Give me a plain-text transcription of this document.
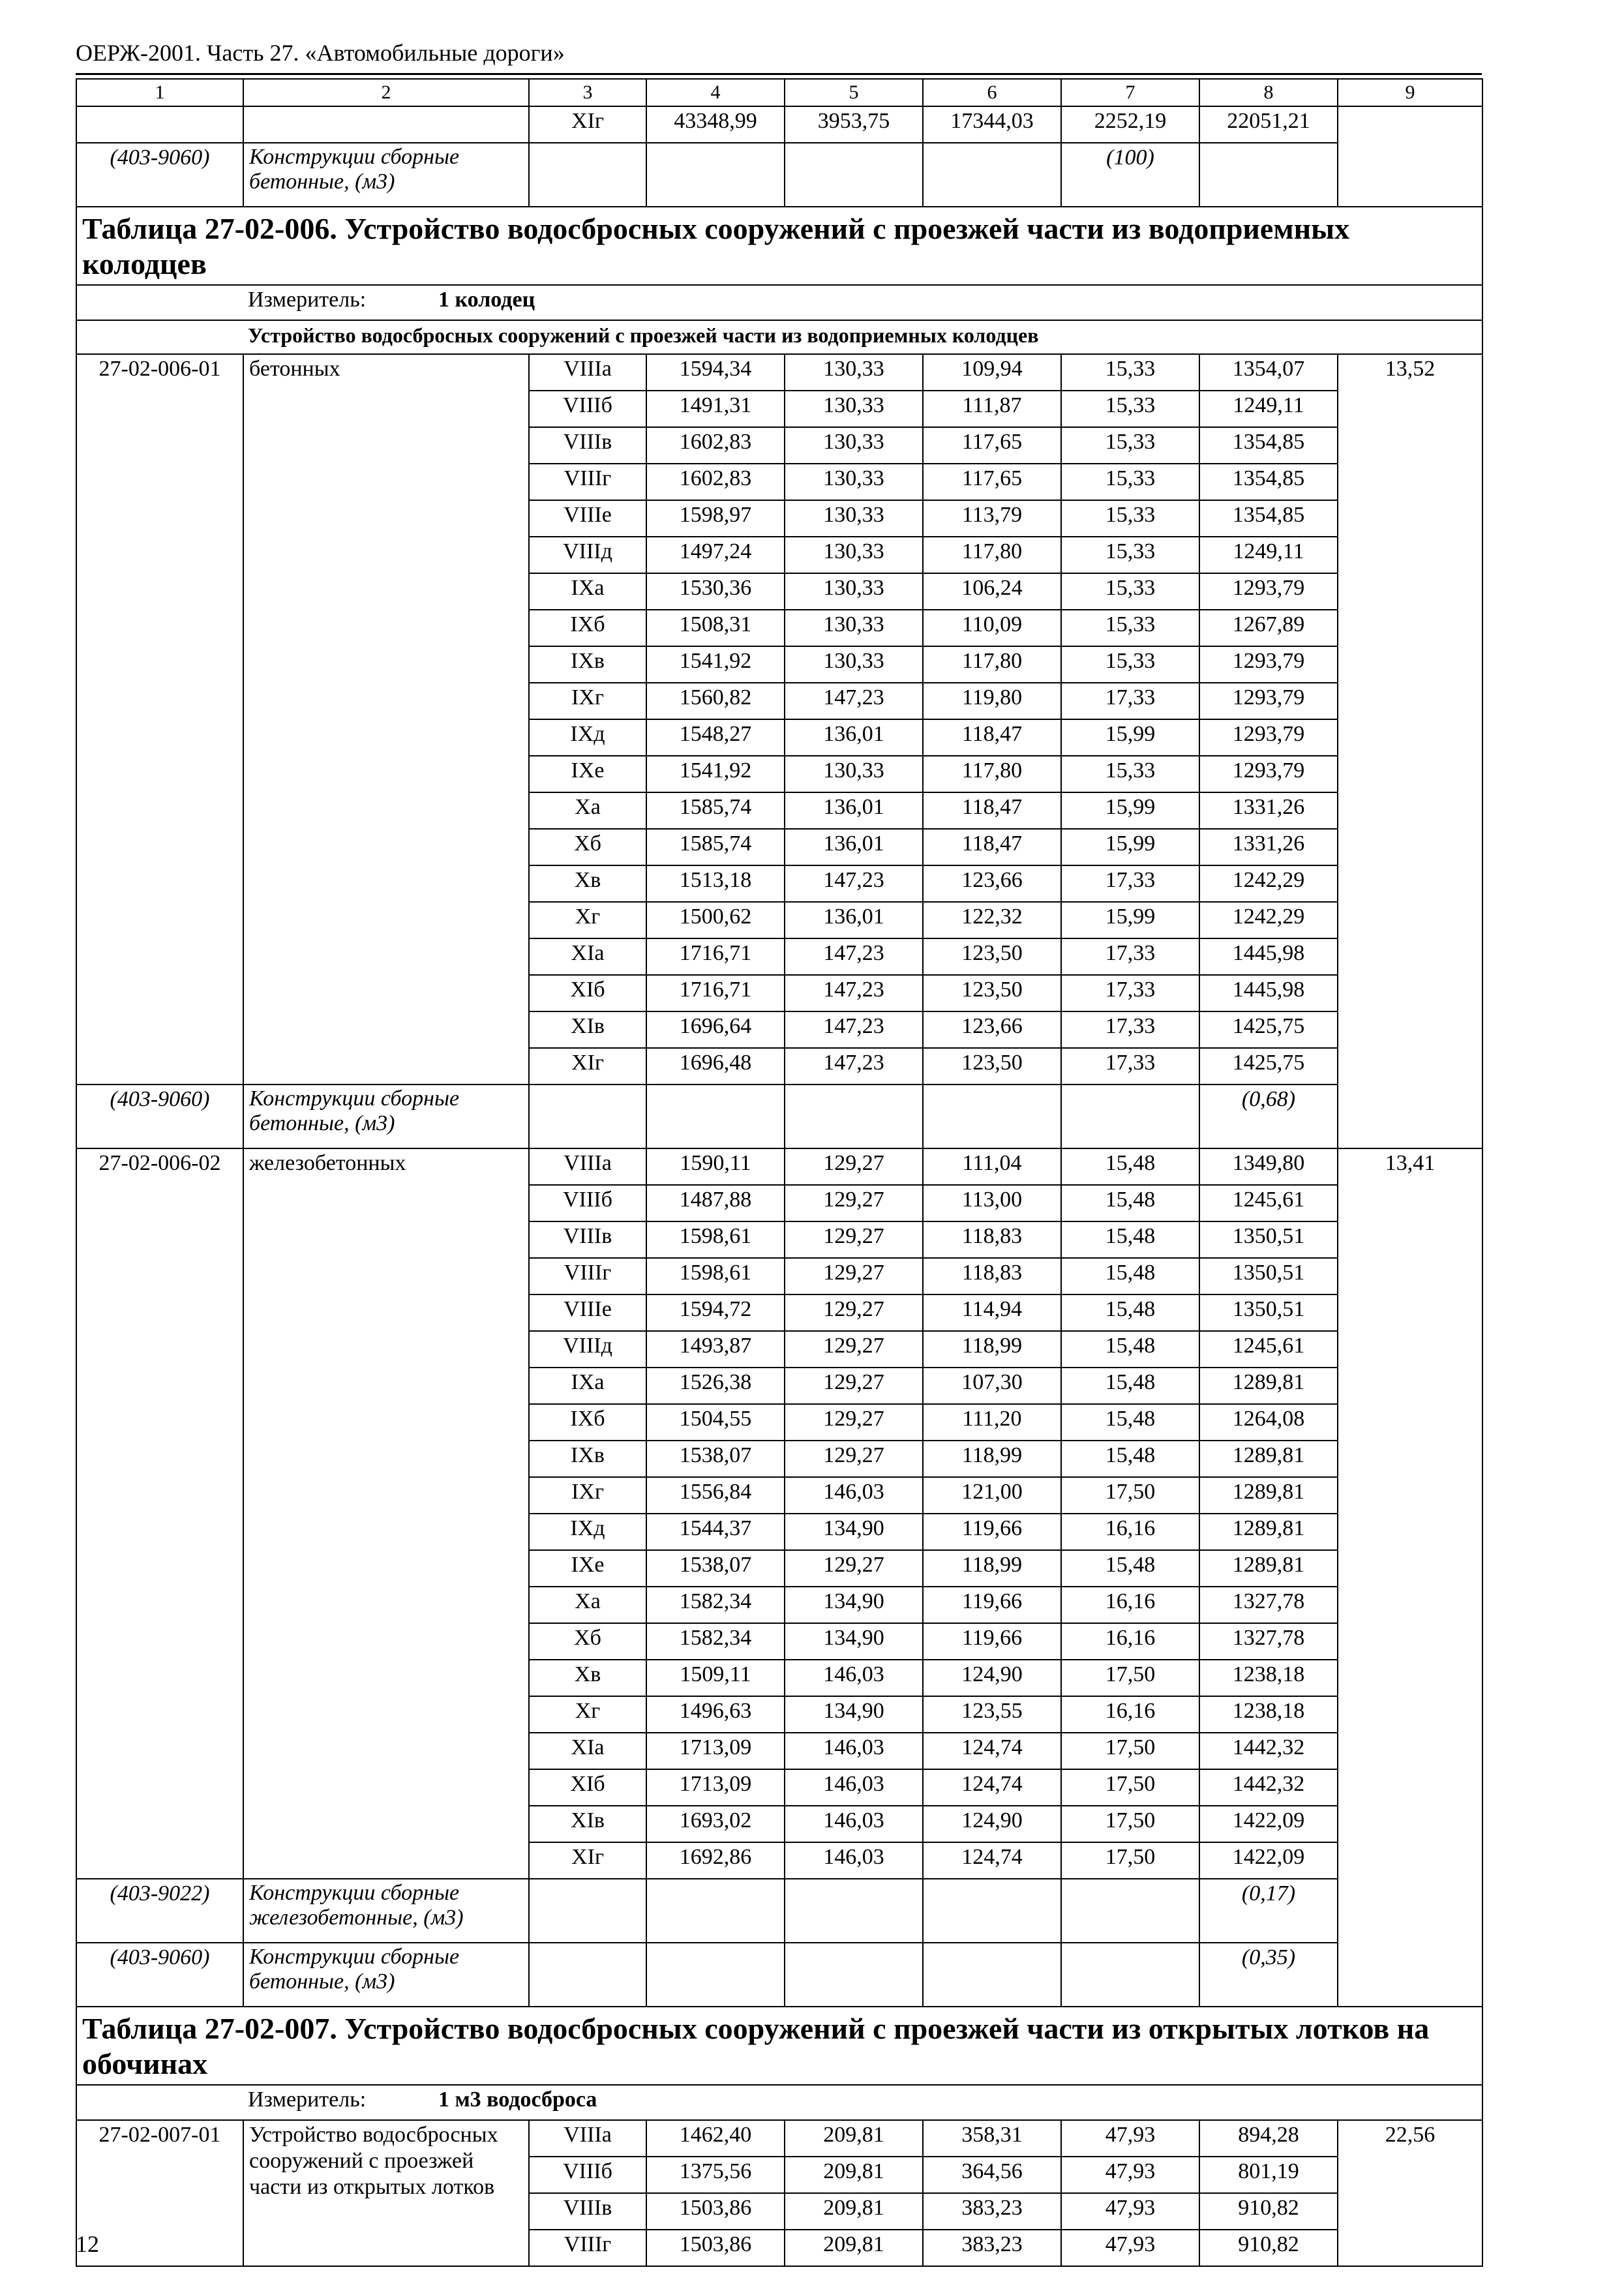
ОЕРЖ-2001. Часть 27. «Автомобильные дороги»
1	2	3	4	5	6	7	8	9
		XIг	43348,99	3953,75	17344,03	2252,19	22051,21	
(403-9060)	Конструкции сборные бетонные, (м3)					(100)		
Таблица 27-02-006. Устройство водосбросных сооружений с проезжей части из водоприемных колодцев								
Измеритель: 1 колодец								
Устройство водосбросных сооружений с проезжей части из водоприемных колодцев								
27-02-006-01	бетонных	VIIIа	1594,34	130,33	109,94	15,33	1354,07	13,52
		VIIIб	1491,31	130,33	111,87	15,33	1249,11	
		VIIIв	1602,83	130,33	117,65	15,33	1354,85	
		VIIIг	1602,83	130,33	117,65	15,33	1354,85	
		VIIIе	1598,97	130,33	113,79	15,33	1354,85	
		VIIIд	1497,24	130,33	117,80	15,33	1249,11	
		IXа	1530,36	130,33	106,24	15,33	1293,79	
		IXб	1508,31	130,33	110,09	15,33	1267,89	
		IXв	1541,92	130,33	117,80	15,33	1293,79	
		IXг	1560,82	147,23	119,80	17,33	1293,79	
		IXд	1548,27	136,01	118,47	15,99	1293,79	
		IXе	1541,92	130,33	117,80	15,33	1293,79	
		Xа	1585,74	136,01	118,47	15,99	1331,26	
		Xб	1585,74	136,01	118,47	15,99	1331,26	
		Xв	1513,18	147,23	123,66	17,33	1242,29	
		Xг	1500,62	136,01	122,32	15,99	1242,29	
		XIа	1716,71	147,23	123,50	17,33	1445,98	
		XIб	1716,71	147,23	123,50	17,33	1445,98	
		XIв	1696,64	147,23	123,66	17,33	1425,75	
		XIг	1696,48	147,23	123,50	17,33	1425,75	
(403-9060)	Конструкции сборные бетонные, (м3)						(0,68)	
27-02-006-02	железобетонных	VIIIа	1590,11	129,27	111,04	15,48	1349,80	13,41
		VIIIб	1487,88	129,27	113,00	15,48	1245,61	
		VIIIв	1598,61	129,27	118,83	15,48	1350,51	
		VIIIг	1598,61	129,27	118,83	15,48	1350,51	
		VIIIе	1594,72	129,27	114,94	15,48	1350,51	
		VIIIд	1493,87	129,27	118,99	15,48	1245,61	
		IXа	1526,38	129,27	107,30	15,48	1289,81	
		IXб	1504,55	129,27	111,20	15,48	1264,08	
		IXв	1538,07	129,27	118,99	15,48	1289,81	
		IXг	1556,84	146,03	121,00	17,50	1289,81	
		IXд	1544,37	134,90	119,66	16,16	1289,81	
		IXе	1538,07	129,27	118,99	15,48	1289,81	
		Xа	1582,34	134,90	119,66	16,16	1327,78	
		Xб	1582,34	134,90	119,66	16,16	1327,78	
		Xв	1509,11	146,03	124,90	17,50	1238,18	
		Xг	1496,63	134,90	123,55	16,16	1238,18	
		XIа	1713,09	146,03	124,74	17,50	1442,32	
		XIб	1713,09	146,03	124,74	17,50	1442,32	
		XIв	1693,02	146,03	124,90	17,50	1422,09	
		XIг	1692,86	146,03	124,74	17,50	1422,09	
(403-9022)	Конструкции сборные железобетонные, (м3)						(0,17)	
(403-9060)	Конструкции сборные бетонные, (м3)						(0,35)	
Таблица 27-02-007. Устройство водосбросных сооружений с проезжей части из открытых лотков на обочинах								
Измеритель: 1 м3 водосброса								
27-02-007-01	Устройство водосбросных сооружений с проезжей части из открытых лотков	VIIIа	1462,40	209,81	358,31	47,93	894,28	22,56
		VIIIб	1375,56	209,81	364,56	47,93	801,19	
		VIIIв	1503,86	209,81	383,23	47,93	910,82	
		VIIIг	1503,86	209,81	383,23	47,93	910,82	
12
